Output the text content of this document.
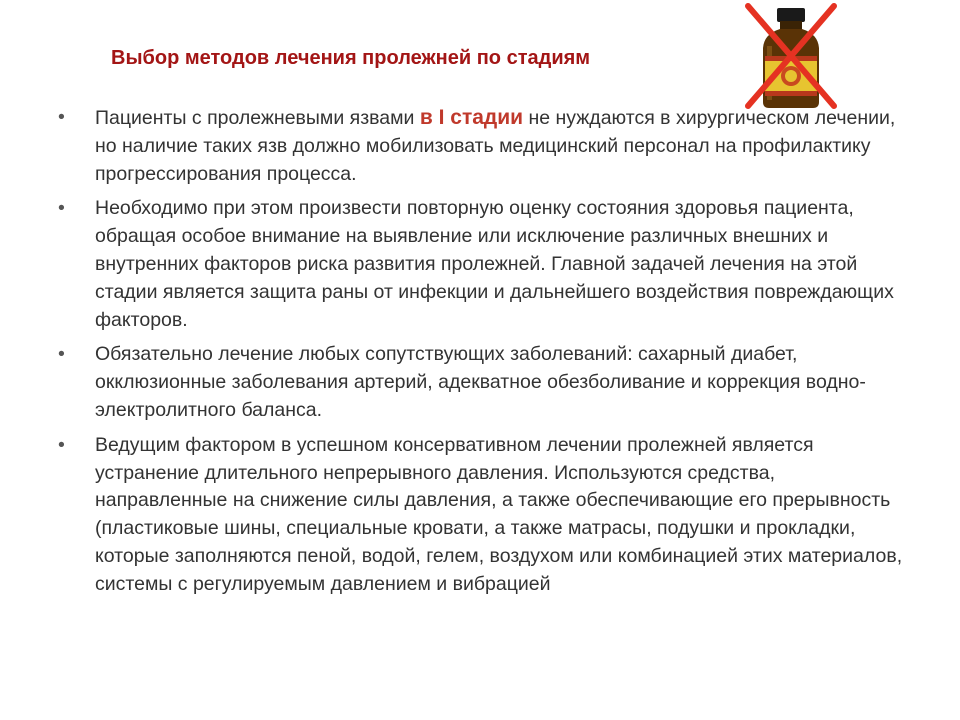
Выбор методов лечения пролежней по стадиям
• Пациенты с пролежневыми язвами в I стадии не нуждаются в хирургическом лечении, но наличие таких язв должно мобилизовать медицинский персонал на профилактику прогрессирования процесса.
• Необходимо при этом произвести повторную оценку состояния здоровья пациента, обращая особое внимание на выявление или исключение различных внешних и внутренних факторов риска развития пролежней. Главной задачей лечения на этой стадии является защита раны от инфекции и дальнейшего воздействия повреждающих факторов.
• Обязательно лечение любых сопутствующих заболеваний: сахарный диабет, окклюзионные заболевания артерий, адекватное обезболивание и коррекция водно-электролитного баланса.
• Ведущим фактором в успешном консервативном лечении пролежней является устранение длительного непрерывного давления. Используются средства, направленные на снижение силы давления, а также обеспечивающие его прерывность (пластиковые шины, специальные кровати, а также матрасы, подушки и прокладки, которые заполняются пеной, водой, гелем, воздухом или комбинацией этих материалов, системы с регулируемым давлением и вибрацией
